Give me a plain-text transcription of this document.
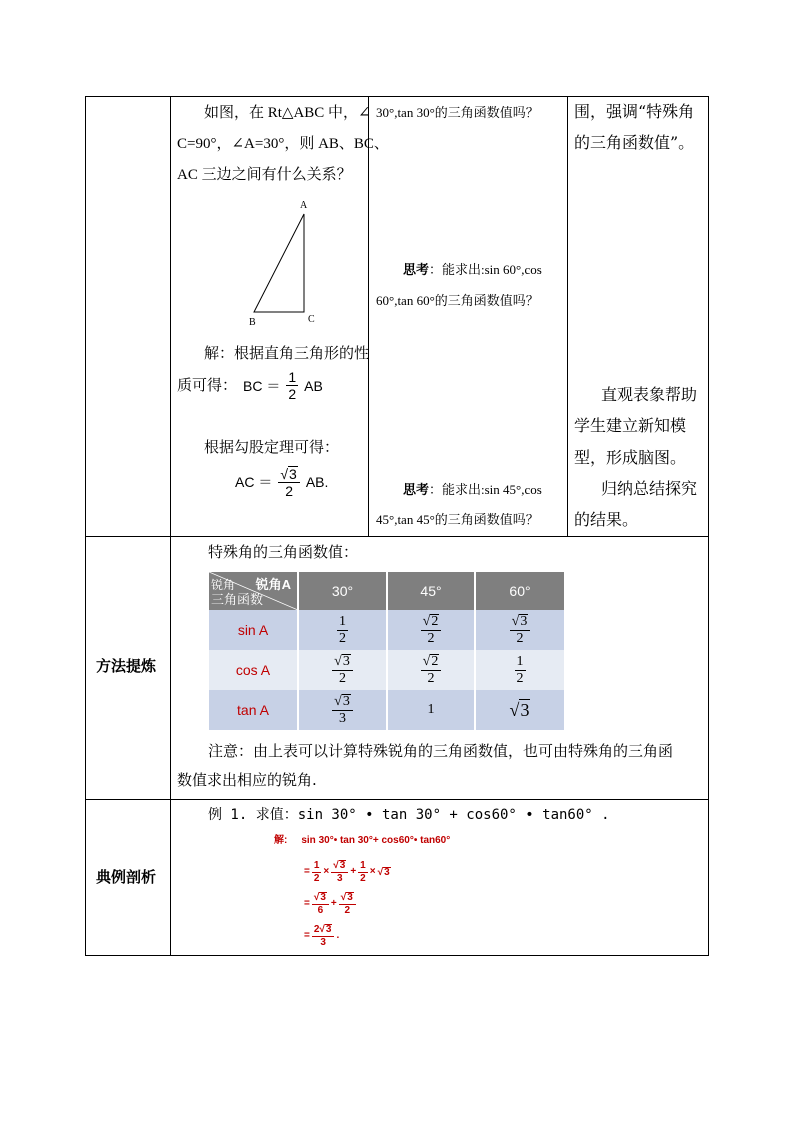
如图，在 Rt△ABC 中，∠
C=90°，∠A=30°，则 AB、BC、
AC 三边之间有什么关系？
A
B	C
解：根据直角三角形的性
质可得： BC ＝ $\frac{1}{2}$ AB
根据勾股定理可得：
AC ＝ $\frac{√ 3}{2}$ AB.
30°,tan 30°的三角函数值吗？
思考：能求出:sin 60°,cos
60°,tan 60°的三角函数值吗？
思考：能求出:sin 45°,cos
45°,tan 45°的三角函数值吗？
围，强调“特殊角
的三角函数值”。
直观表象帮助
学生建立新知模
型，形成脑图。
归纳总结探究
的结果。
方法提炼
特殊角的三角函数值：
锐角A
锐角
三角函数	30°	45°	60°
sin A	$\frac{1}{2}$	$\frac{√ 2}{2}$	$\frac{√ 3}{2}$

cos A	$\frac{√ 3}{2}$	$\frac{√ 2}{2}$	$\frac{1}{2}$

tan A	$\frac{√ 3}{3}$	1	√ 3
注意：由上表可以计算特殊锐角的三角函数值，也可由特殊角的三角函
数值求出相应的锐角.
典例剖析
例 1. 求值：sin 30° • tan 30° + cos60° • tan60° .
解: sin 30°• tan 30°+ cos60°• tan60°
= $\frac{1}{2} \times \frac{√ 3}{3} + \frac{1}{2}$ × √ 3
= $\frac{√ 3}{6} + \frac{√ 3}{2}$
= $\frac{2 √ 3}{3}$ .
